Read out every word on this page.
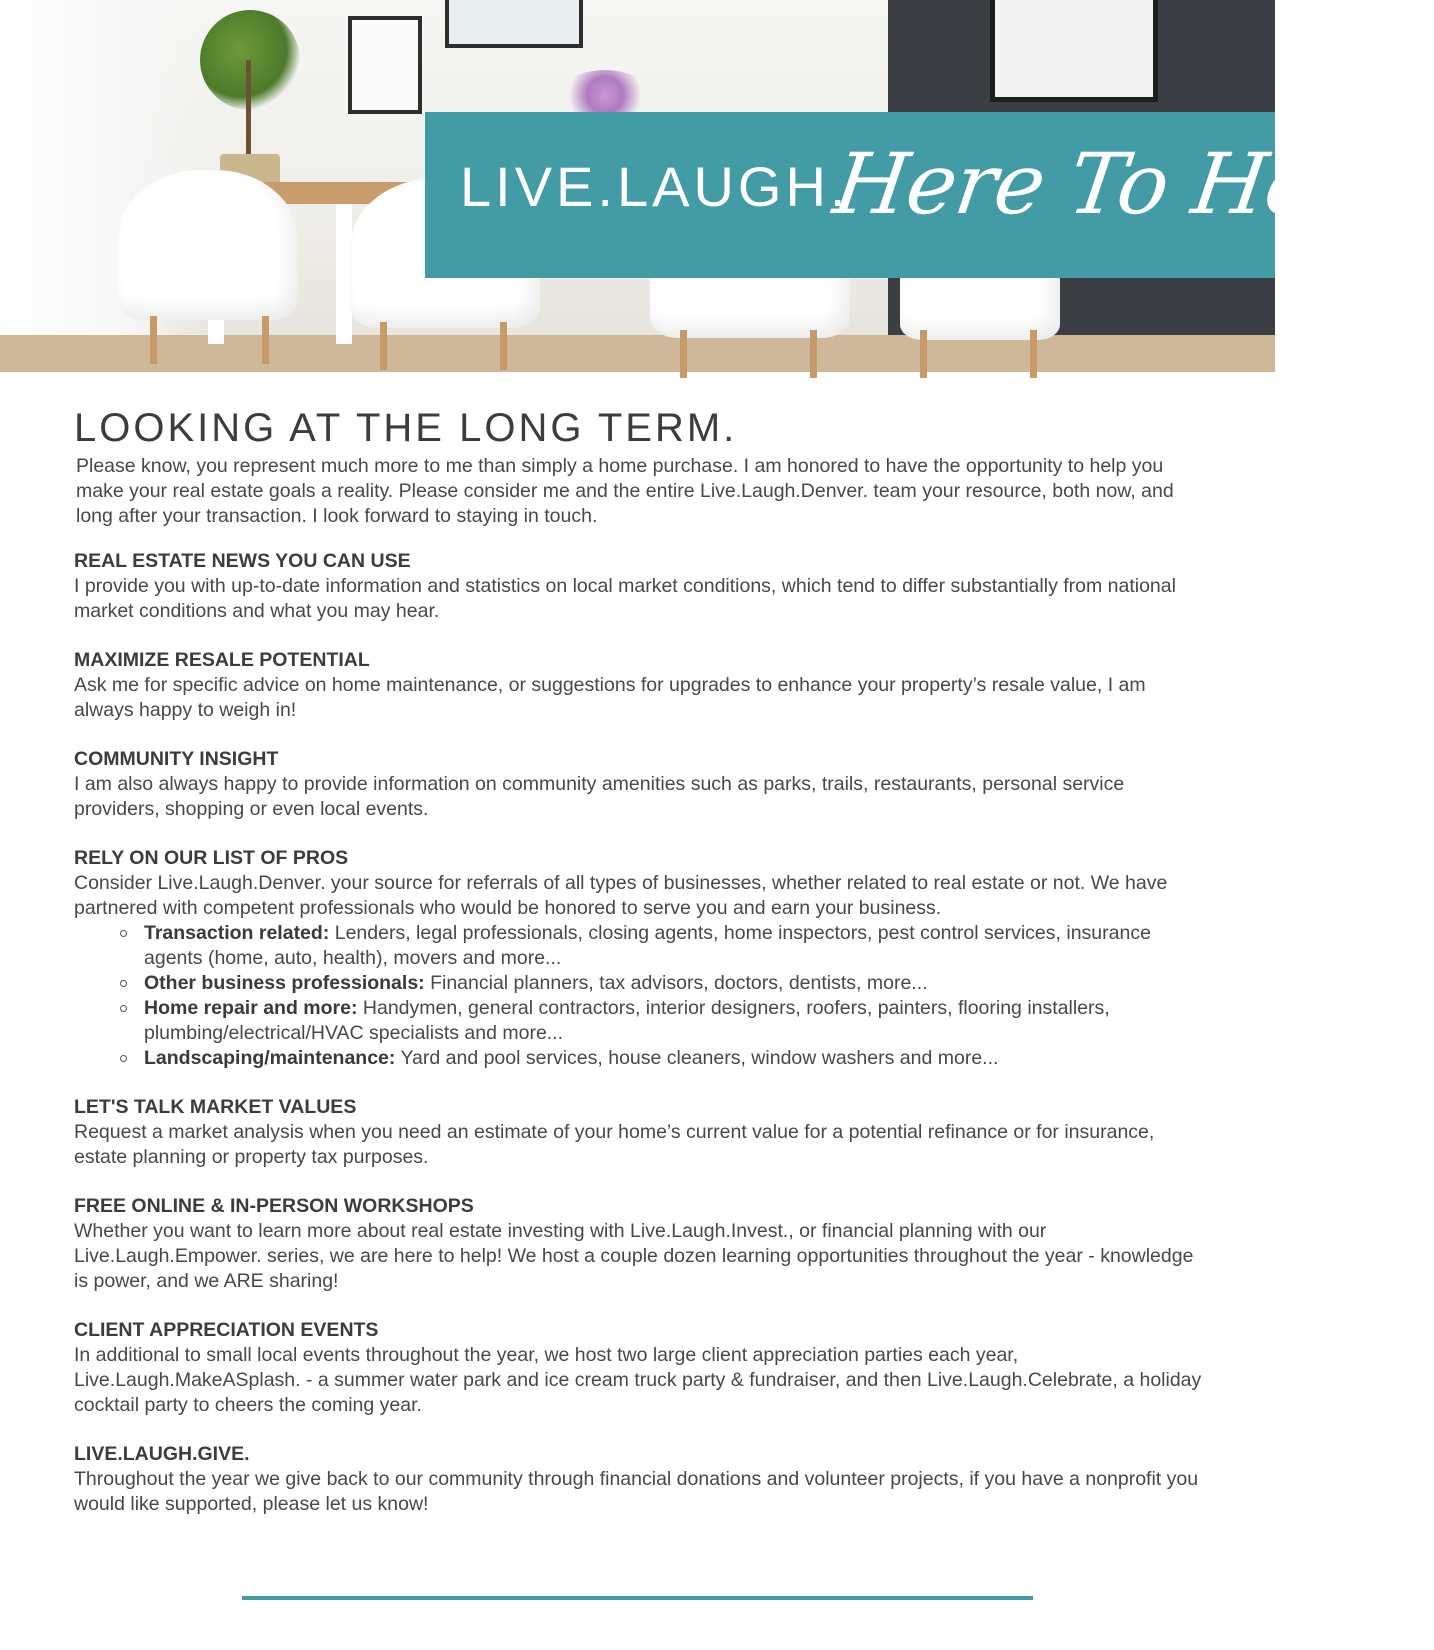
LIVE.LAUGH.
Here To Help!
LOOKING AT THE LONG TERM.

Please know, you represent much more to me than simply a home purchase. I am honored to have the opportunity to help you make your real estate goals a reality. Please consider me and the entire Live.Laugh.Denver. team your resource, both now, and long after your transaction. I look forward to staying in touch.

REAL ESTATE NEWS YOU CAN USE

I provide you with up-to-date information and statistics on local market conditions, which tend to differ substantially from national market conditions and what you may hear.

MAXIMIZE RESALE POTENTIAL

Ask me for specific advice on home maintenance, or suggestions for upgrades to enhance your property’s resale value, I am always happy to weigh in!

COMMUNITY INSIGHT

I am also always happy to provide information on community amenities such as parks, trails, restaurants, personal service providers, shopping or even local events.

RELY ON OUR LIST OF PROS

Consider Live.Laugh.Denver. your source for referrals of all types of businesses, whether related to real estate or not. We have partnered with competent professionals who would be honored to serve you and earn your business.

Transaction related: Lenders, legal professionals, closing agents, home inspectors, pest control services, insurance agents (home, auto, health), movers and more...
Other business professionals: Financial planners, tax advisors, doctors, dentists, more...
Home repair and more: Handymen, general contractors, interior designers, roofers, painters, flooring installers, plumbing/electrical/HVAC specialists and more...
Landscaping/maintenance: Yard and pool services, house cleaners, window washers and more...
LET'S TALK MARKET VALUES

Request a market analysis when you need an estimate of your home’s current value for a potential refinance or for insurance, estate planning or property tax purposes.

FREE ONLINE & IN-PERSON WORKSHOPS

Whether you want to learn more about real estate investing with Live.Laugh.Invest., or financial planning with our Live.Laugh.Empower. series, we are here to help! We host a couple dozen learning opportunities throughout the year - knowledge is power, and we ARE sharing!

CLIENT APPRECIATION EVENTS

In additional to small local events throughout the year, we host two large client appreciation parties each year, Live.Laugh.MakeASplash. - a summer water park and ice cream truck party & fundraiser, and then Live.Laugh.Celebrate, a holiday cocktail party to cheers the coming year.

LIVE.LAUGH.GIVE.

Throughout the year we give back to our community through financial donations and volunteer projects, if you have a nonprofit you would like supported, please let us know!
